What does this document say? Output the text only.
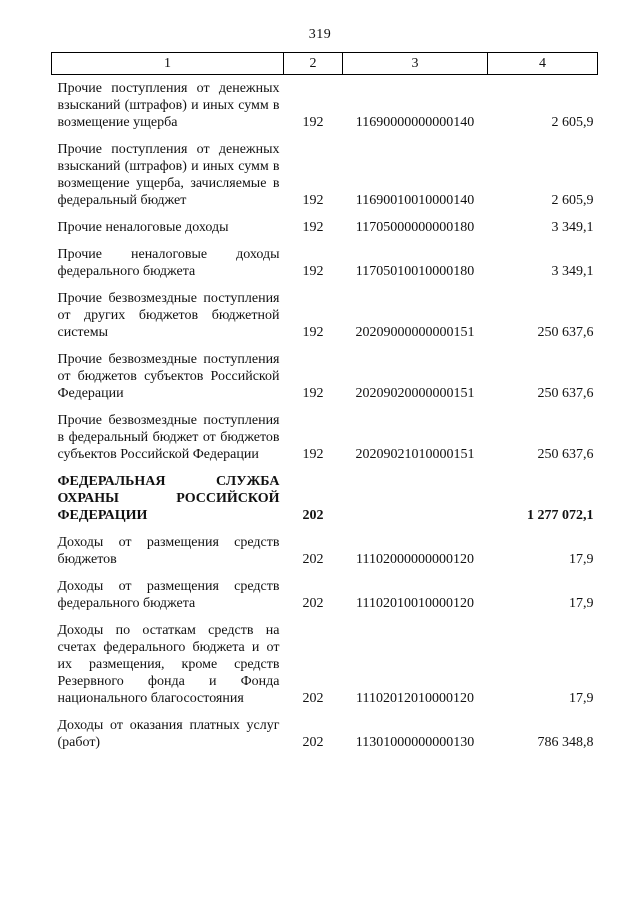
319
1	2	3	4
Прочие поступления от денежных взысканий (штрафов) и иных сумм в возмещение ущерба	192	11690000000000140	2 605,9
Прочие поступления от денежных взысканий (штрафов) и иных сумм в возмещение ущерба, зачисляемые в федеральный бюджет	192	11690010010000140	2 605,9
Прочие неналоговые доходы	192	11705000000000180	3 349,1
Прочие неналоговые доходы федерального бюджета	192	11705010010000180	3 349,1
Прочие безвозмездные поступления от других бюджетов бюджетной системы	192	20209000000000151	250 637,6
Прочие безвозмездные поступления от бюджетов субъектов Российской Федерации	192	20209020000000151	250 637,6
Прочие безвозмездные поступления в федеральный бюджет от бюджетов субъектов Российской Федерации	192	20209021010000151	250 637,6
ФЕДЕРАЛЬНАЯ СЛУЖБА ОХРАНЫ РОССИЙСКОЙ ФЕДЕРАЦИИ	202		1 277 072,1
Доходы от размещения средств бюджетов	202	11102000000000120	17,9
Доходы от размещения средств федерального бюджета	202	11102010010000120	17,9
Доходы по остаткам средств на счетах федерального бюджета и от их размещения, кроме средств Резервного фонда и Фонда национального благосостояния	202	11102012010000120	17,9
Доходы от оказания платных услуг (работ)	202	11301000000000130	786 348,8
